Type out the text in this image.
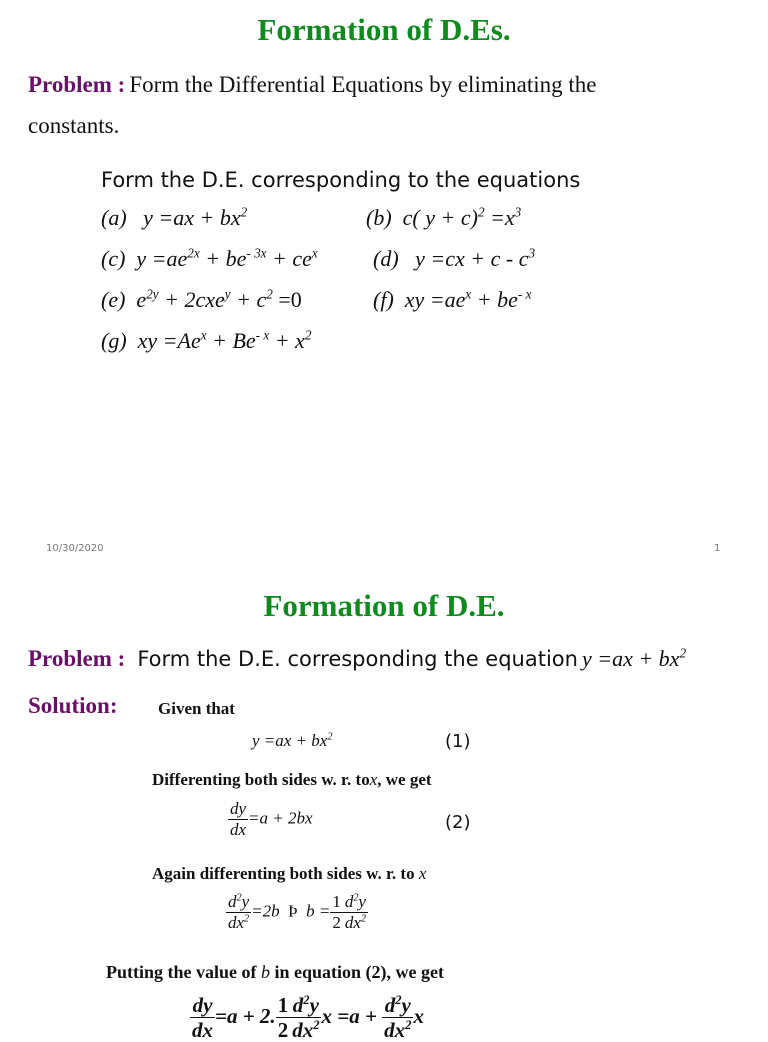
Formation of D.Es.
Problem : Form the Differential Equations by eliminating the
constants.
Form the D.E. corresponding to the equations
(a)   $y =ax + bx^2$	(b)  c( $y + c)^2 =x^3$
(c)  $y =ae^{2x} + be^{- 3x} + ce^x$	(d)   $y =cx + c - c^3$
(e)  $e^{2y} + 2cxe^y + c^2 =0$	(f)  xy $=ae^x + be^{- x}$
(g)  xy $=Ae^x + Be^{- x} + x^2$
10/30/2020	1
Formation of D.E.
Problem : Form the D.E. corresponding the equation $y =ax + bx^2$
Solution: Given that
$y =ax + bx^2$	(1)
Differenting both sides w. r. tox, we get
$\frac{dy}{dx} =a + 2bx$	(2)
Again differenting both sides w. r. to x
$\frac{d^2y}{dx^2} =2b$  Þ  $b = \frac{1}{2} \frac{d^2y}{dx^2}$
Putting the value of b in equation (2), we get
$\frac{dy}{dx} =a + 2$. $\frac{1}{2} \frac{d^2y}{dx^2}$ $x =a + \frac{d^2y}{dx^2}$ x
